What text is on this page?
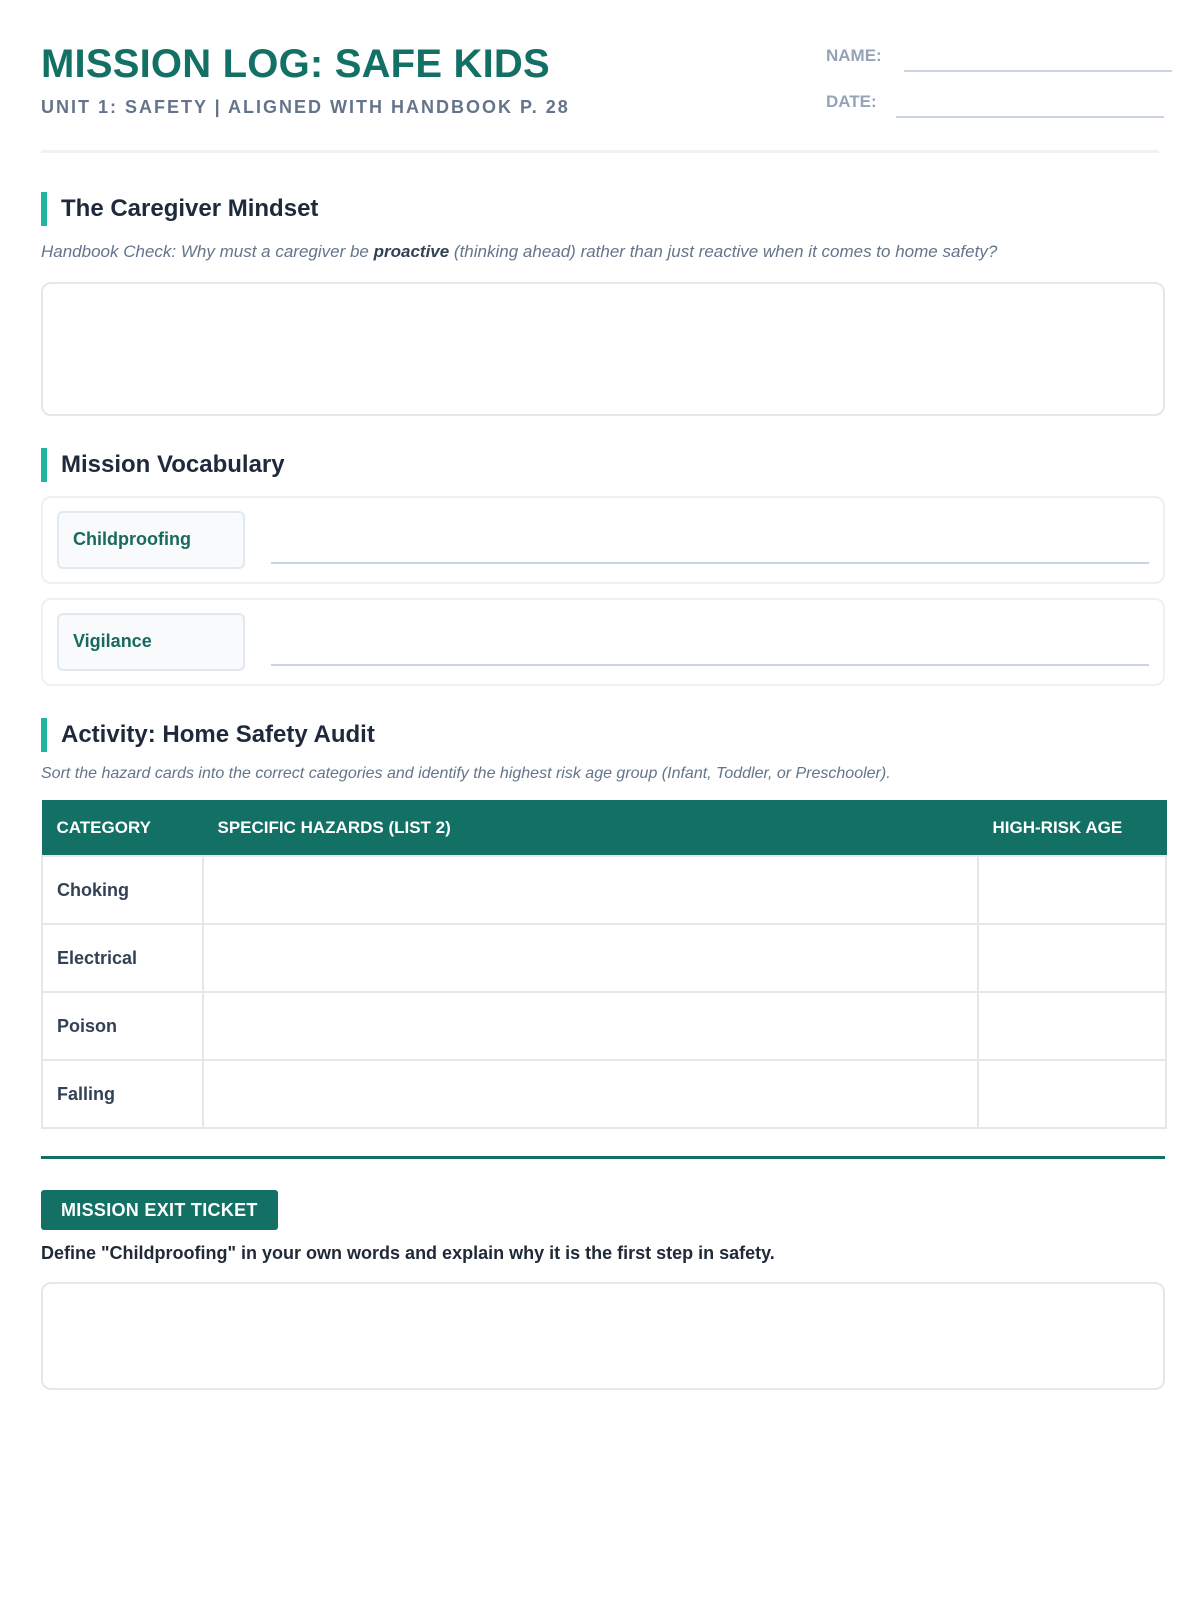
MISSION LOG: SAFE KIDS
UNIT 1: SAFETY | ALIGNED WITH HANDBOOK P. 28
NAME:
DATE:
The Caregiver Mindset
Handbook Check: Why must a caregiver be proactive (thinking ahead) rather than just reactive when it comes to home safety?
Mission Vocabulary
Childproofing
Vigilance
Activity: Home Safety Audit
Sort the hazard cards into the correct categories and identify the highest risk age group (Infant, Toddler, or Preschooler).
CATEGORY	SPECIFIC HAZARDS (LIST 2)	HIGH-RISK AGE
Choking		
Electrical		
Poison		
Falling		
MISSION EXIT TICKET
Define "Childproofing" in your own words and explain why it is the first step in safety.
